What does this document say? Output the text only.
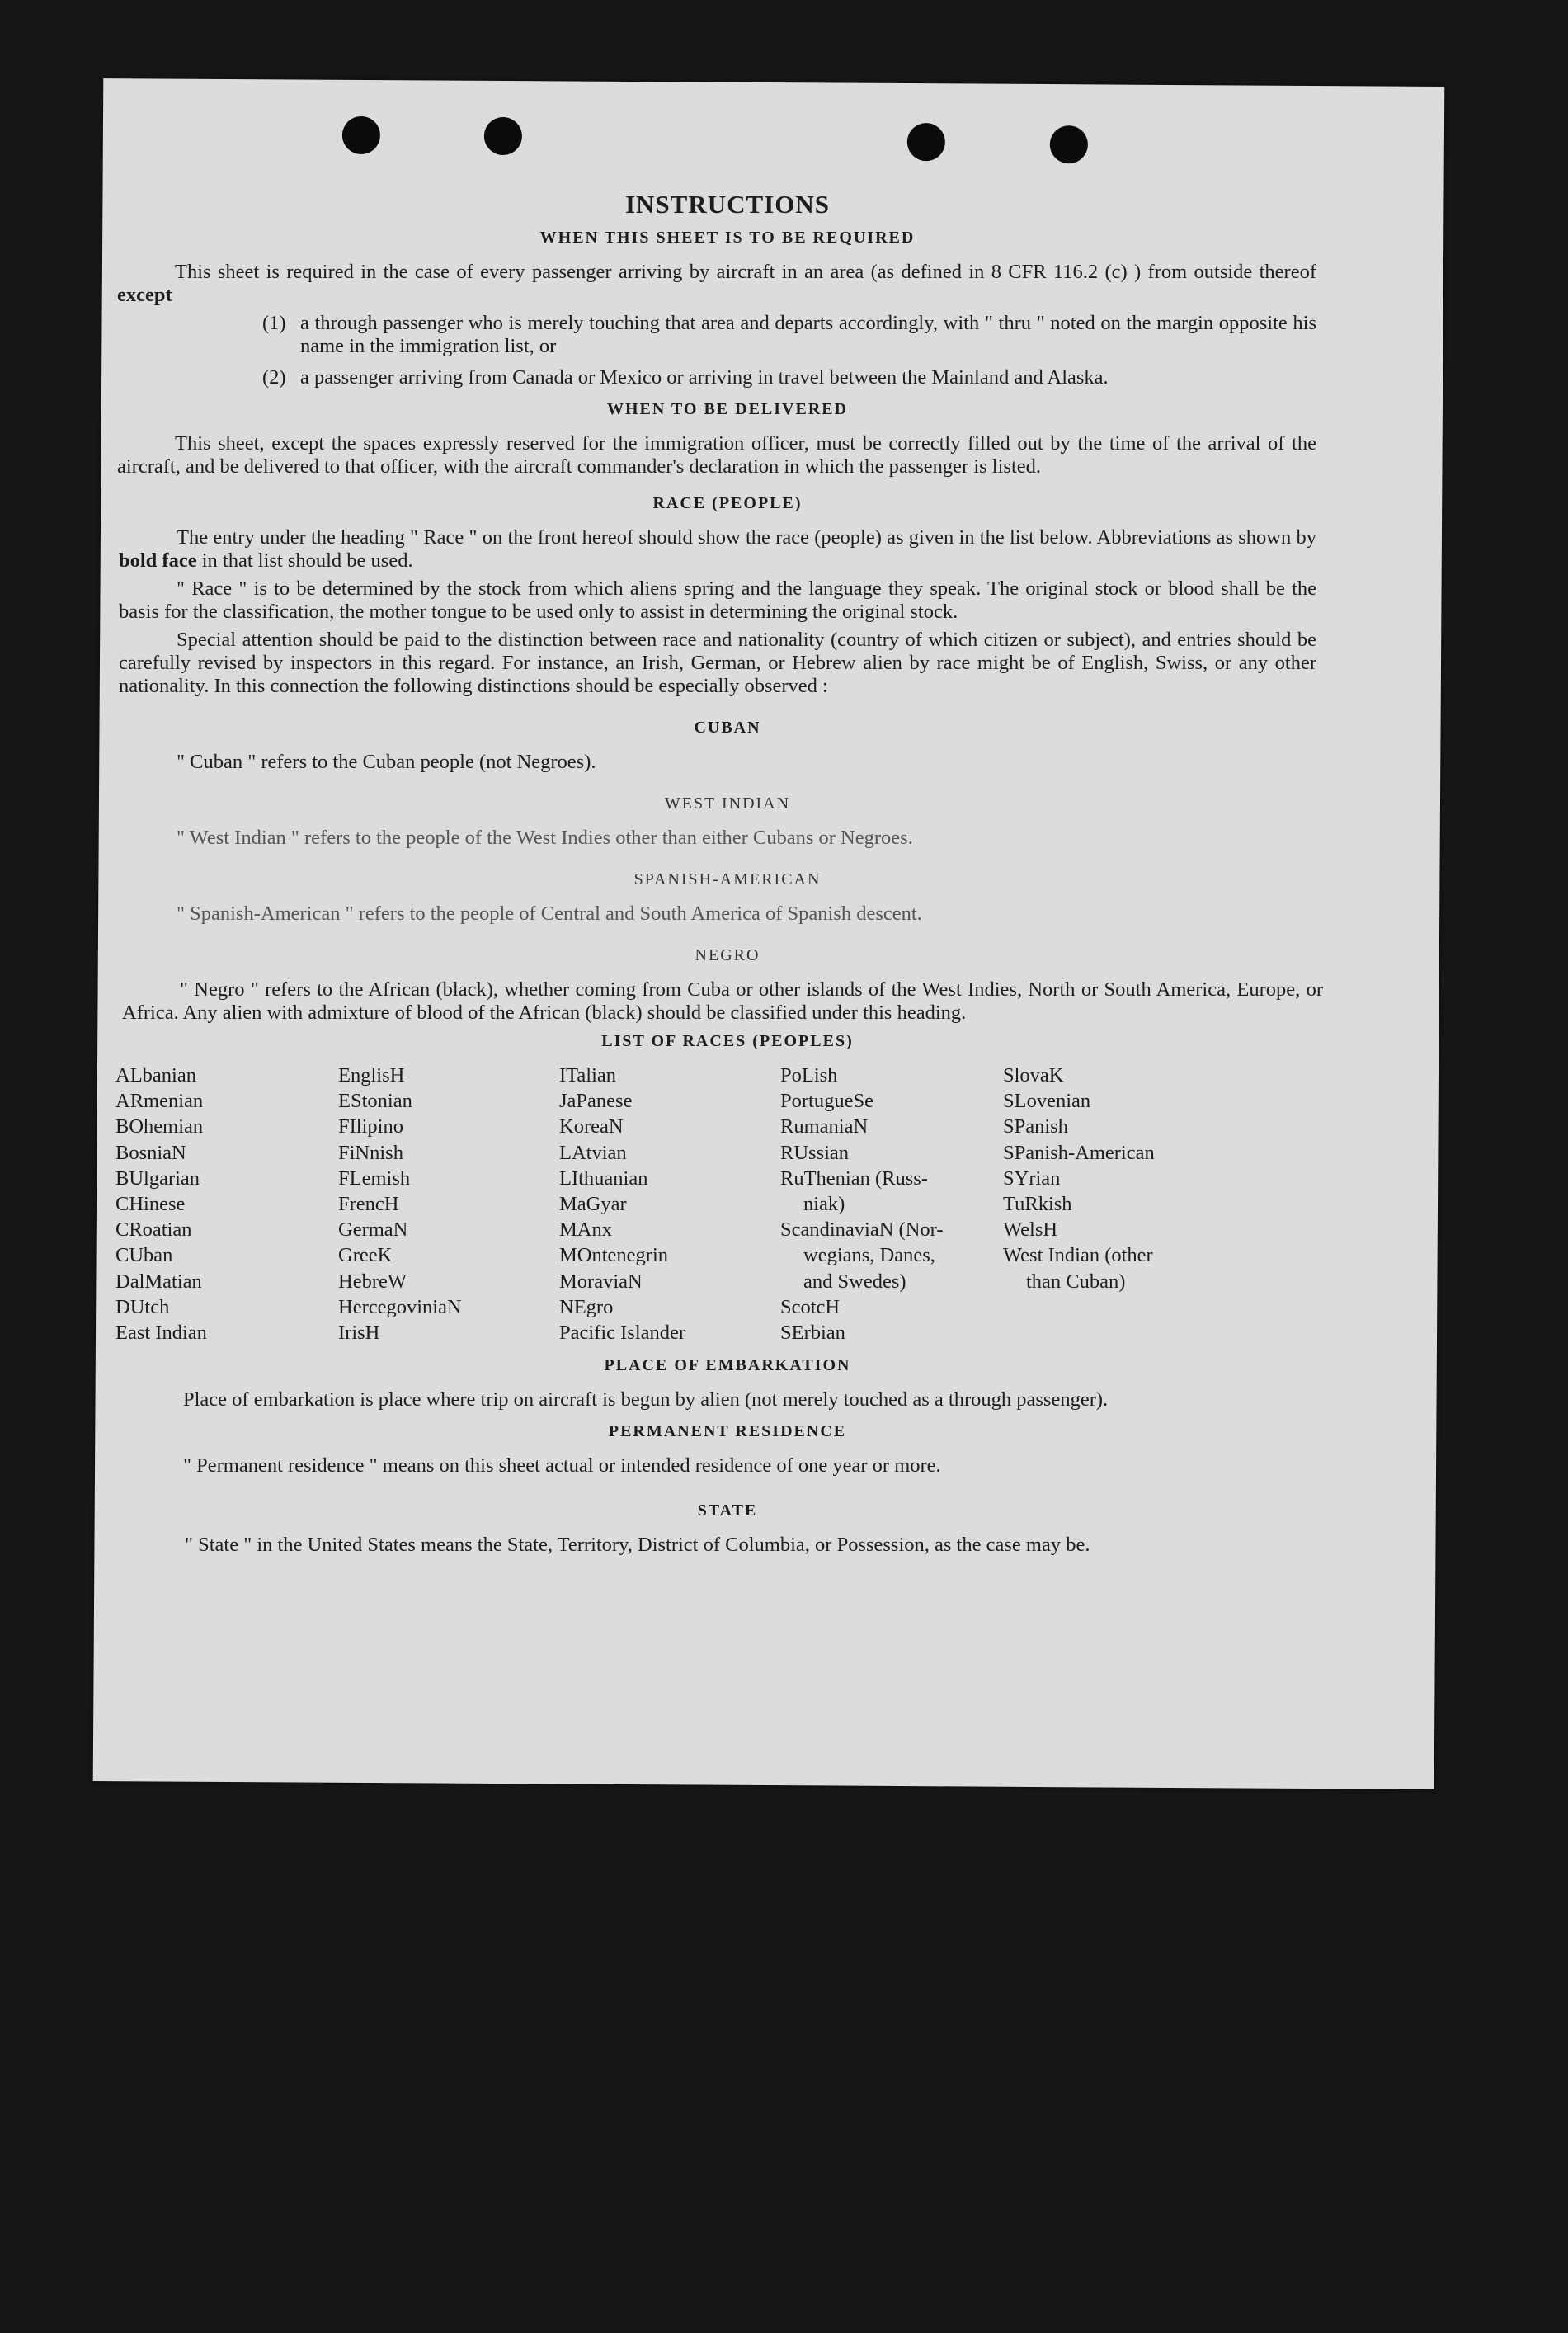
INSTRUCTIONS
WHEN THIS SHEET IS TO BE REQUIRED
This sheet is required in the case of every passenger arriving by aircraft in an area (as defined in 8 CFR 116.2 (c) ) from outside thereof except
(1) a through passenger who is merely touching that area and departs accordingly, with " thru " noted on the margin opposite his name in the immigration list, or
(2) a passenger arriving from Canada or Mexico or arriving in travel between the Mainland and Alaska.
WHEN TO BE DELIVERED
This sheet, except the spaces expressly reserved for the immigration officer, must be correctly filled out by the time of the arrival of the aircraft, and be delivered to that officer, with the aircraft commander's declaration in which the passenger is listed.
RACE (PEOPLE)
The entry under the heading " Race " on the front hereof should show the race (people) as given in the list below. Abbreviations as shown by bold face in that list should be used.
" Race " is to be determined by the stock from which aliens spring and the language they speak. The original stock or blood shall be the basis for the classification, the mother tongue to be used only to assist in determining the original stock.
Special attention should be paid to the distinction between race and nationality (country of which citizen or subject), and entries should be carefully revised by inspectors in this regard. For instance, an Irish, German, or Hebrew alien by race might be of English, Swiss, or any other nationality. In this connection the following distinctions should be especially observed :
CUBAN
" Cuban " refers to the Cuban people (not Negroes).
WEST INDIAN
" West Indian " refers to the people of the West Indies other than either Cubans or Negroes.
SPANISH-AMERICAN
" Spanish-American " refers to the people of Central and South America of Spanish descent.
NEGRO
" Negro " refers to the African (black), whether coming from Cuba or other islands of the West Indies, North or South America, Europe, or Africa. Any alien with admixture of blood of the African (black) should be classified under this heading.
LIST OF RACES (PEOPLES)
ALbanian
ARmenian
BOhemian
BosniaN
BUlgarian
CHinese
CRoatian
CUban
DalMatian
DUtch
East Indian
EnglisH
EStonian
FIlipino
FiNnish
FLemish
FrencH
GermaN
GreeK
HebreW
HercegoviniaN
IrisH
ITalian
JaPanese
KoreaN
LAtvian
LIthuanian
MaGyar
MAnx
MOntenegrin
MoraviaN
NEgro
Pacific Islander
PoLish
PortugueSe
RumaniaN
RUssian
RuThenian (Russ-
niak)
ScandinaviaN (Nor-
wegians, Danes,
and Swedes)
ScotcH
SErbian
SlovaK
SLovenian
SPanish
SPanish-American
SYrian
TuRkish
WelsH
West Indian (other
than Cuban)
PLACE OF EMBARKATION
Place of embarkation is place where trip on aircraft is begun by alien (not merely touched as a through passenger).
PERMANENT RESIDENCE
" Permanent residence " means on this sheet actual or intended residence of one year or more.
STATE
" State " in the United States means the State, Territory, District of Columbia, or Possession, as the case may be.
